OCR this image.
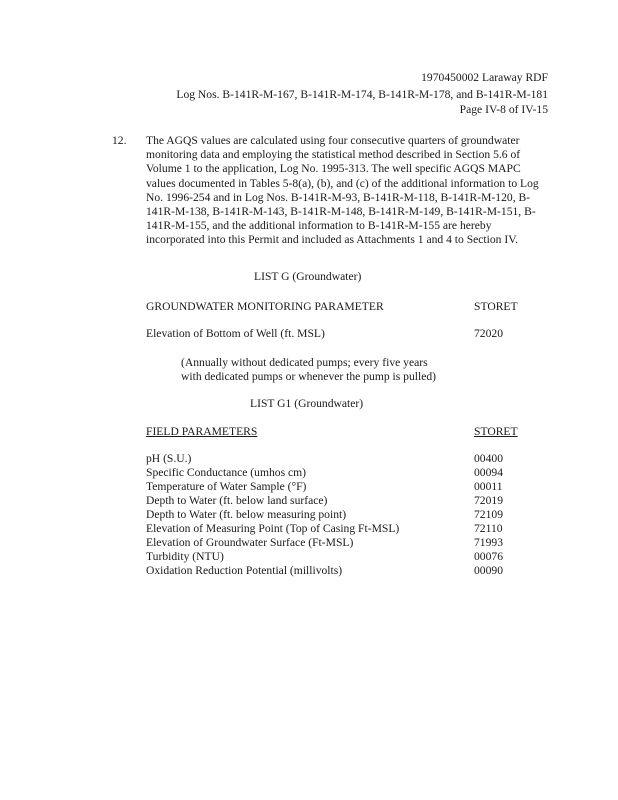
1970450002 Laraway RDF
Log Nos. B-141R-M-167, B-141R-M-174, B-141R-M-178, and B-141R-M-181
Page IV-8 of IV-15
12. The AGQS values are calculated using four consecutive quarters of groundwater monitoring data and employing the statistical method described in Section 5.6 of Volume 1 to the application, Log No. 1995-313. The well specific AGQS MAPC values documented in Tables 5-8(a), (b), and (c) of the additional information to Log No. 1996-254 and in Log Nos. B-141R-M-93, B-141R-M-118, B-141R-M-120, B-141R-M-138, B-141R-M-143, B-141R-M-148, B-141R-M-149, B-141R-M-151, B-141R-M-155, and the additional information to B-141R-M-155 are hereby incorporated into this Permit and included as Attachments 1 and 4 to Section IV.
LIST G (Groundwater)
GROUNDWATER MONITORING PARAMETER	STORET
Elevation of Bottom of Well (ft. MSL)	72020
(Annually without dedicated pumps; every five years
with dedicated pumps or whenever the pump is pulled)
LIST G1 (Groundwater)
FIELD PARAMETERS	STORET
pH (S.U.)	00400
Specific Conductance (umhos cm)	00094
Temperature of Water Sample (°F)	00011
Depth to Water (ft. below land surface)	72019
Depth to Water (ft. below measuring point)	72109
Elevation of Measuring Point (Top of Casing Ft-MSL)	72110
Elevation of Groundwater Surface (Ft-MSL)	71993
Turbidity (NTU)	00076
Oxidation Reduction Potential (millivolts)	00090
